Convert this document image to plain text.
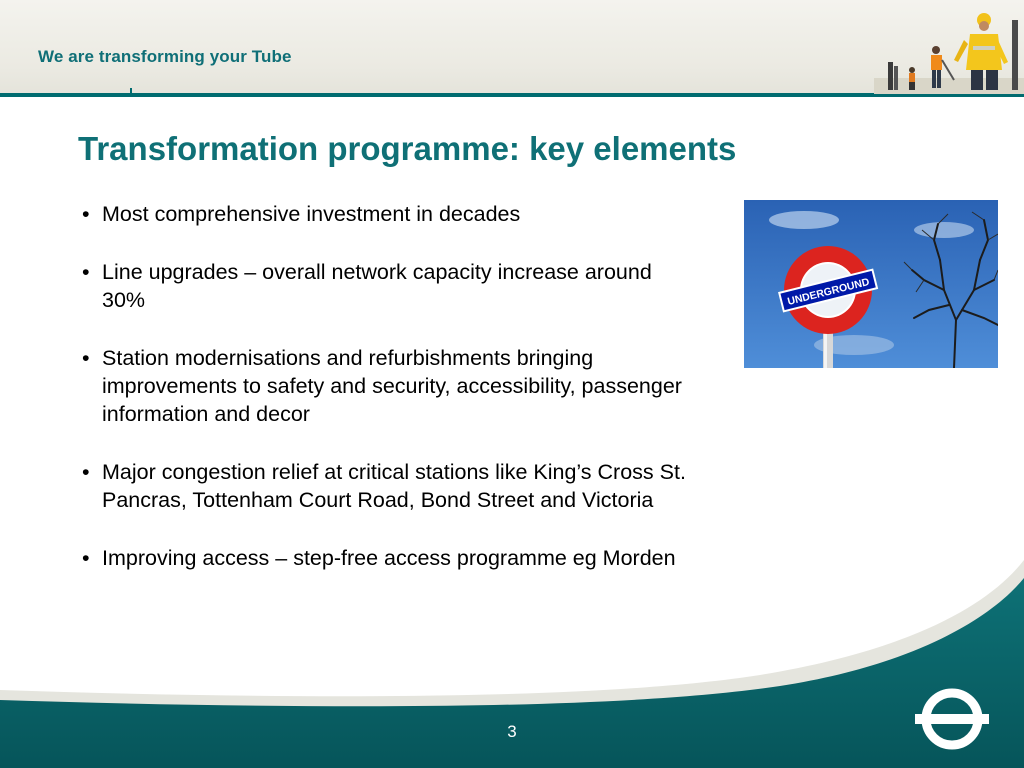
We are transforming your Tube
Transformation programme: key elements
• Most comprehensive investment in decades
• Line upgrades – overall network capacity increase around 30%
• Station modernisations and refurbishments bringing improvements to safety and security, accessibility, passenger information and decor
• Major congestion relief at critical stations like King’s Cross St. Pancras, Tottenham Court Road, Bond Street and Victoria
• Improving access – step-free access programme eg Morden
UNDERGROUND
3
